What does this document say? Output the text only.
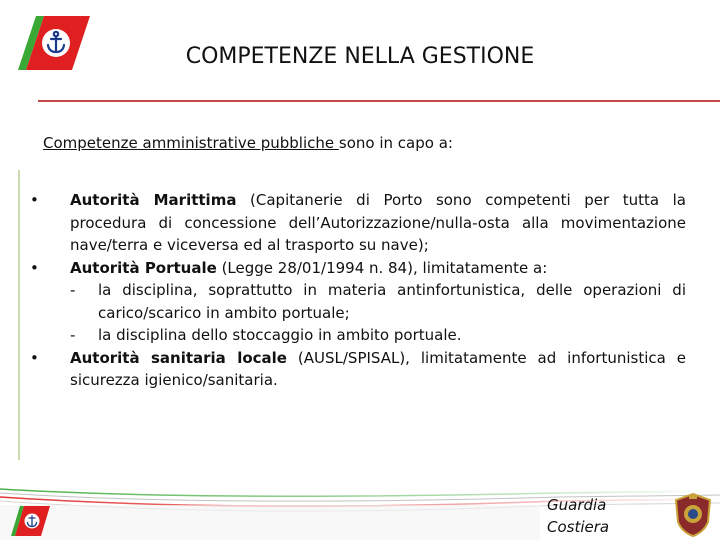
COMPETENZE NELLA GESTIONE
Competenze amministrative pubbliche sono in capo a:
• Autorità Marittima (Capitanerie di Porto sono competenti per tutta la procedura di concessione dell’Autorizzazione/nulla-osta alla movimentazione nave/terra e viceversa ed al trasporto su nave);
• Autorità Portuale (Legge 28/01/1994 n. 84), limitatamente a:
- la disciplina, soprattutto in materia antinfortunistica, delle operazioni di carico/scarico in ambito portuale;
- la disciplina dello stoccaggio in ambito portuale.
• Autorità sanitaria locale (AUSL/SPISAL), limitatamente ad infortunistica e sicurezza igienico/sanitaria.
Guardia
Costiera
